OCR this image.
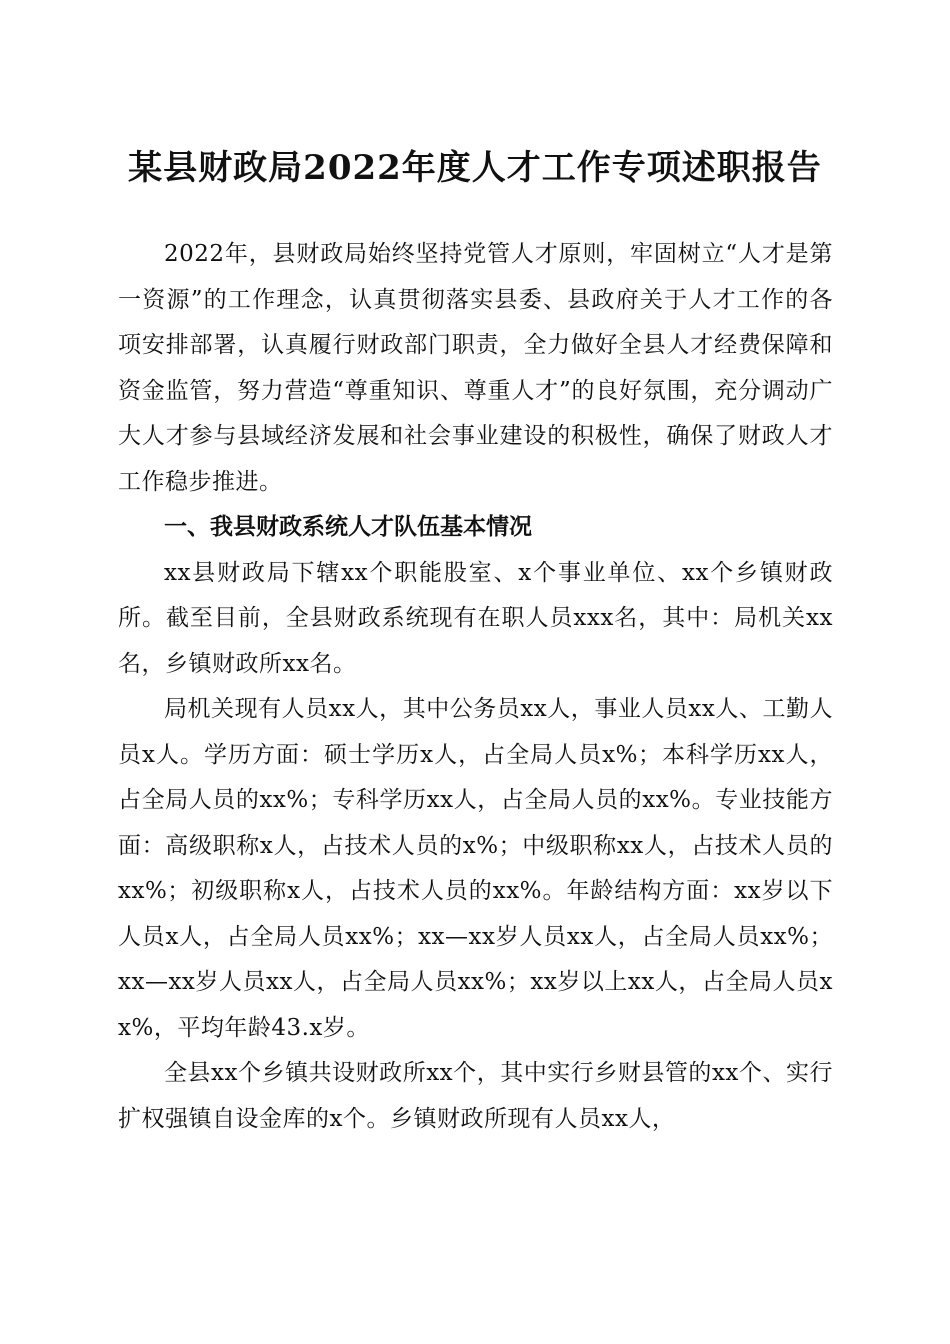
某县财政局2022年度人才工作专项述职报告

2022年，县财政局始终坚持党管人才原则，牢固树立“人才是第一资源”的工作理念，认真贯彻落实县委、县政府关于人才工作的各项安排部署，认真履行财政部门职责，全力做好全县人才经费保障和资金监管，努力营造“尊重知识、尊重人才”的良好氛围，充分调动广大人才参与县域经济发展和社会事业建设的积极性，确保了财政人才工作稳步推进。

一、我县财政系统人才队伍基本情况

xx县财政局下辖xx个职能股室、x个事业单位、xx个乡镇财政所。截至目前，全县财政系统现有在职人员xxx名，其中：局机关xx名，乡镇财政所xx名。

局机关现有人员xx人，其中公务员xx人，事业人员xx人、工勤人员x人。学历方面：硕士学历x人，占全局人员x%；本科学历xx人，占全局人员的xx%；专科学历xx人，占全局人员的xx%。专业技能方面：高级职称x人，占技术人员的x%；中级职称xx人，占技术人员的xx%；初级职称x人，占技术人员的xx%。年龄结构方面：xx岁以下人员x人，占全局人员xx%；xx—xx岁人员xx人，占全局人员xx%；xx—xx岁人员xx人，占全局人员xx%；xx岁以上xx人，占全局人员xx%，平均年龄43.x岁。

全县xx个乡镇共设财政所xx个，其中实行乡财县管的xx个、实行扩权强镇自设金库的x个。乡镇财政所现有人员xx人，
